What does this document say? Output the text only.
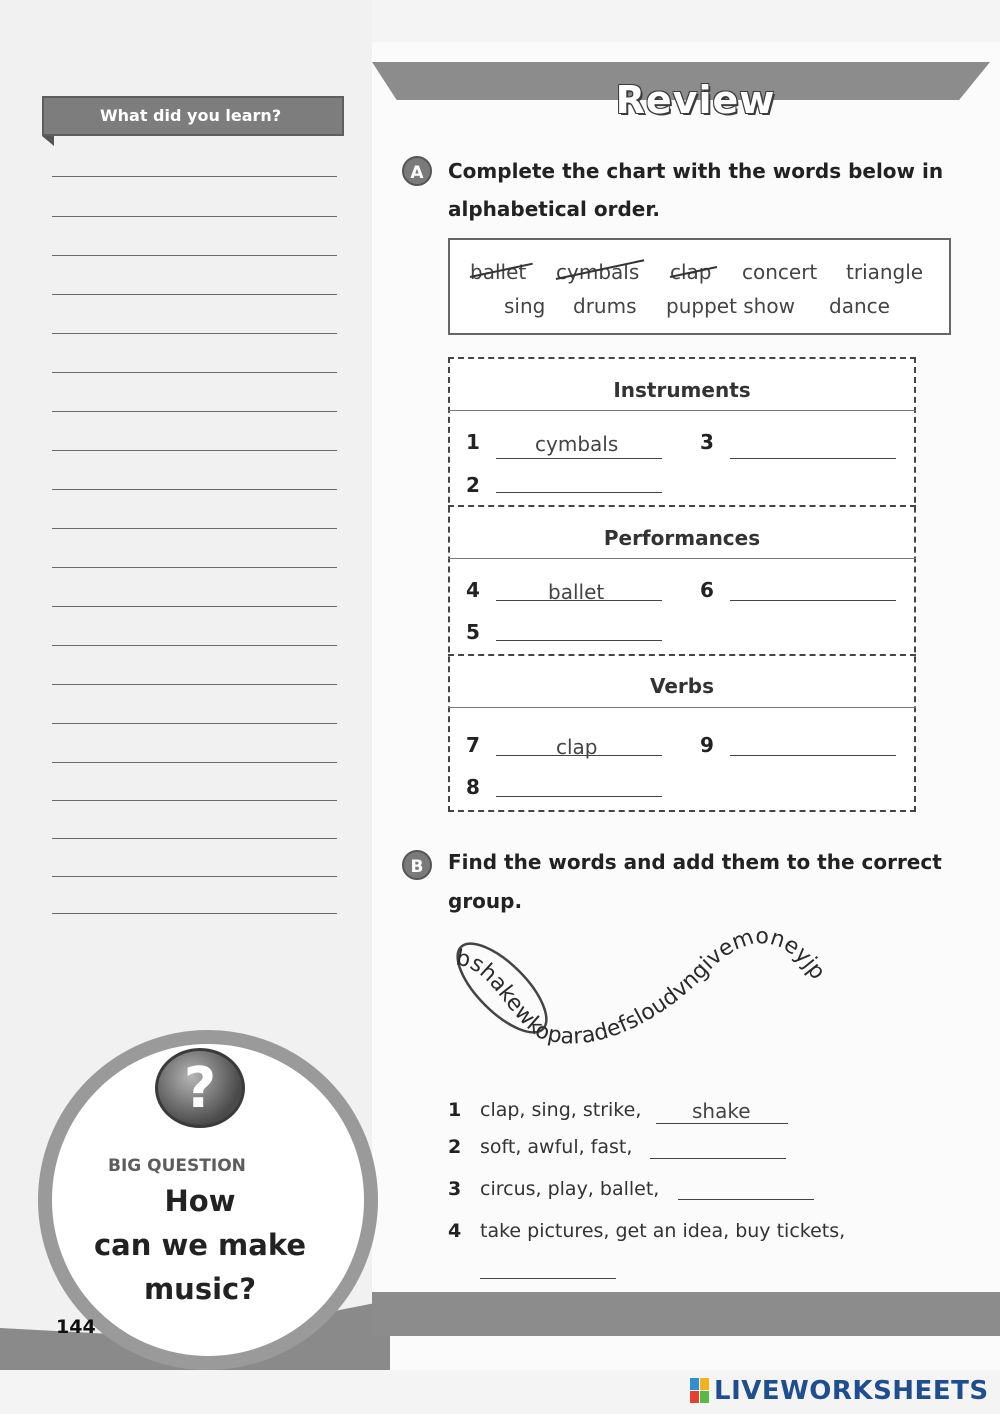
What did you learn?	Review
?
BIG QUESTION
How
can we make
music?
144
A	Complete the chart with the words below in
alphabetical order.
ballet cymbals clap concert triangle
sing drums puppet show dance
Instruments
1	cymbals	3
2
Performances
4	ballet	6
5
Verbs
7	clap	9
8
B	Find the words and add them to the correct
group.
bshakewkoparadefsloudvngivemoneyjp
1 clap, sing, strike,	shake
2 soft, awful, fast,
3 circus, play, ballet,
4 take pictures, get an idea, buy tickets,
LIVEWORKSHEETS
